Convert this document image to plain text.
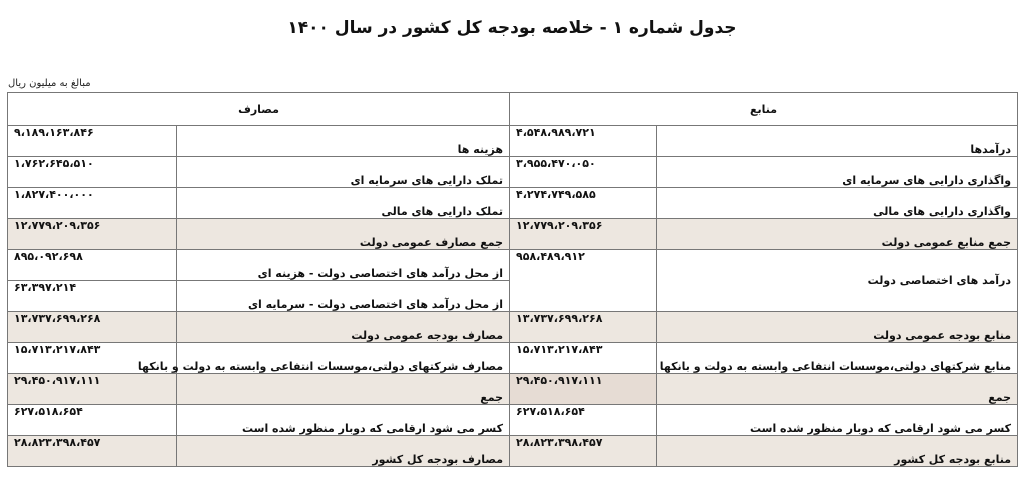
جدول شماره ۱ - خلاصه بودجه کل کشور در سال ۱۴۰۰
مبالغ به میلیون ریال
منابع		مصارف	
درآمدها	۴،۵۴۸،۹۸۹،۷۲۱	هزینه ها	۹،۱۸۹،۱۶۳،۸۴۶
واگذاری دارایی های سرمایه ای	۳،۹۵۵،۴۷۰،۰۵۰	تملک دارایی های سرمایه ای	۱،۷۶۲،۶۴۵،۵۱۰
واگذاری دارایی های مالی	۴،۲۷۴،۷۴۹،۵۸۵	تملک دارایی های مالی	۱،۸۲۷،۴۰۰،۰۰۰
جمع منابع عمومی دولت	۱۲،۷۷۹،۲۰۹،۳۵۶	جمع مصارف عمومی دولت	۱۲،۷۷۹،۲۰۹،۳۵۶
درآمد های اختصاصی دولت	۹۵۸،۴۸۹،۹۱۲	از محل درآمد های اختصاصی دولت - هزینه ای	۸۹۵،۰۹۲،۶۹۸
		از محل درآمد های اختصاصی دولت - سرمایه ای	۶۳،۳۹۷،۲۱۴
منابع بودجه عمومی دولت	۱۳،۷۳۷،۶۹۹،۲۶۸	مصارف بودجه عمومی دولت	۱۳،۷۳۷،۶۹۹،۲۶۸
منابع شرکتهای دولتی،موسسات انتفاعی وابسته به دولت و بانکها	۱۵،۷۱۳،۲۱۷،۸۴۳	مصارف شرکتهای دولتی،موسسات انتفاعی وابسته به دولت و بانکها	۱۵،۷۱۳،۲۱۷،۸۴۳
جمع	۲۹،۴۵۰،۹۱۷،۱۱۱	جمع	۲۹،۴۵۰،۹۱۷،۱۱۱
کسر می شود ارقامی که دوبار منظور شده است	۶۲۷،۵۱۸،۶۵۴	کسر می شود ارقامی که دوبار منظور شده است	۶۲۷،۵۱۸،۶۵۴
منابع بودجه کل کشور	۲۸،۸۲۳،۳۹۸،۴۵۷	مصارف بودجه کل کشور	۲۸،۸۲۳،۳۹۸،۴۵۷
